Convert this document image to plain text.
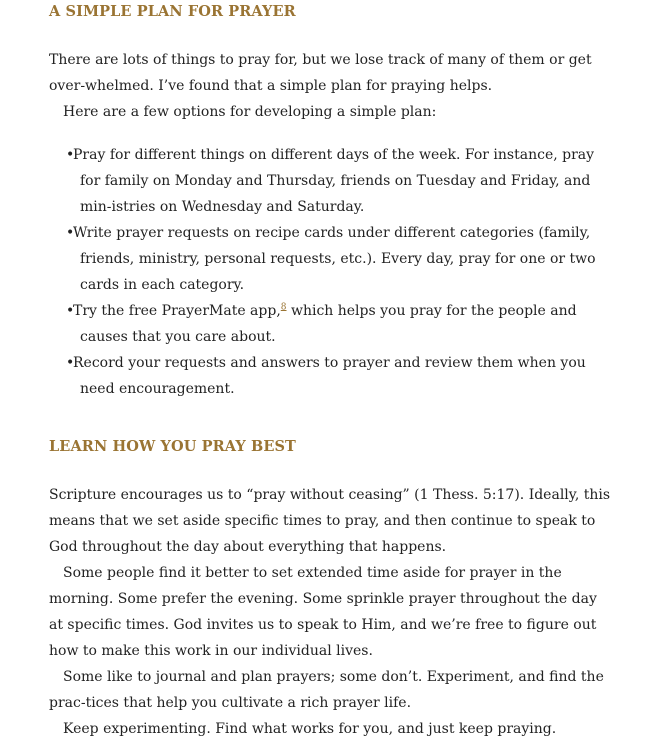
A SIMPLE PLAN FOR PRAYER

There are lots of things to pray for, but we lose track of many of them or get over-whelmed. I’ve found that a simple plan for praying helps.

Here are a few options for developing a simple plan:

•Pray for different things on different days of the week. For instance, pray for family on Monday and Thursday, friends on Tuesday and Friday, and min-istries on Wednesday and Saturday.
•Write prayer requests on recipe cards under different categories (family, friends, ministry, personal requests, etc.). Every day, pray for one or two cards in each category.
•Try the free PrayerMate app,$^8$ which helps you pray for the people and causes that you care about.
•Record your requests and answers to prayer and review them when you need encouragement.
LEARN HOW YOU PRAY BEST

Scripture encourages us to “pray without ceasing” (1 Thess. 5:17). Ideally, this means that we set aside specific times to pray, and then continue to speak to God throughout the day about everything that happens.

Some people find it better to set extended time aside for prayer in the morning. Some prefer the evening. Some sprinkle prayer throughout the day at specific times. God invites us to speak to Him, and we’re free to figure out how to make this work in our individual lives.

Some like to journal and plan prayers; some don’t. Experiment, and find the prac-tices that help you cultivate a rich prayer life.

Keep experimenting. Find what works for you, and just keep praying.
